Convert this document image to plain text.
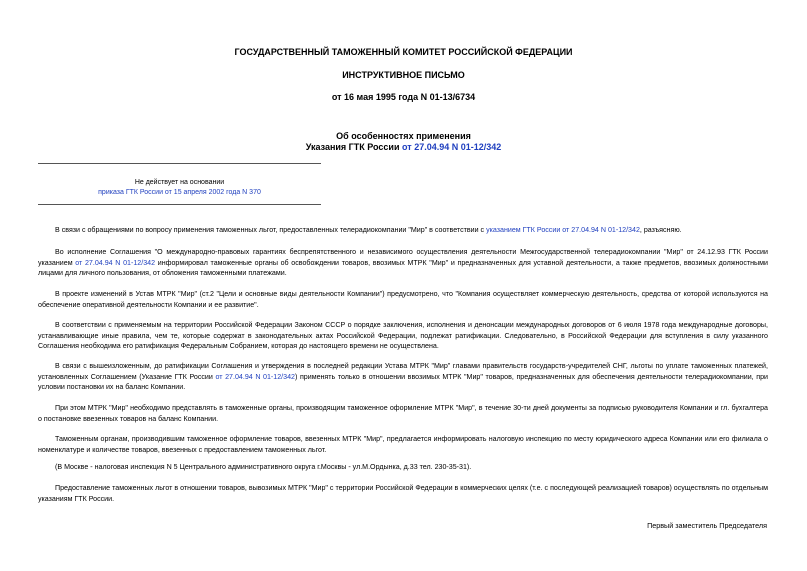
ГОСУДАРСТВЕННЫЙ ТАМОЖЕННЫЙ КОМИТЕТ РОССИЙСКОЙ ФЕДЕРАЦИИ
ИНСТРУКТИВНОЕ ПИСЬМО
от 16 мая 1995 года N 01-13/6734
Об особенностях применения
Указания ГТК России от 27.04.94 N 01-12/342
Не действует на основании
приказа ГТК России от 15 апреля 2002 года N 370
В связи с обращениями по вопросу применения таможенных льгот, предоставленных телерадиокомпании "Мир" в соответствии с указанием ГТК России от 27.04.94 N 01-12/342, разъясняю.
Во исполнение Соглашения "О международно-правовых гарантиях беспрепятственного и независимого осуществления деятельности Межгосударственной телерадиокомпании "Мир" от 24.12.93 ГТК России указанием от 27.04.94 N 01-12/342 информировал таможенные органы об освобождении товаров, ввозимых МТРК "Мир" и предназначенных для уставной деятельности, а также предметов, ввозимых должностными лицами для личного пользования, от обложения таможенными платежами.
В проекте изменений в Устав МТРК "Мир" (ст.2 "Цели и основные виды деятельности Компании") предусмотрено, что "Компания осуществляет коммерческую деятельность, средства от которой используются на обеспечение оперативной деятельности Компании и ее развитие".
В соответствии с применяемым на территории Российской Федерации Законом СССР о порядке заключения, исполнения и денонсации международных договоров от 6 июля 1978 года международные договоры, устанавливающие иные правила, чем те, которые содержат в законодательных актах Российской Федерации, подлежат ратификации. Следовательно, в Российской Федерации для вступления в силу указанного Соглашения необходима его ратификация Федеральным Собранием, которая до настоящего времени не осуществлена.
В связи с вышеизложенным, до ратификации Соглашения и утверждения в последней редакции Устава МТРК "Мир" главами правительств государств-учредителей СНГ, льготы по уплате таможенных платежей, установленных Соглашением (Указание ГТК России от 27.04.94 N 01-12/342) применять только в отношении ввозимых МТРК "Мир" товаров, предназначенных для обеспечения деятельности телерадиокомпании, при условии постановки их на баланс Компании.
При этом МТРК "Мир" необходимо представлять в таможенные органы, производящим таможенное оформление МТРК "Мир", в течение 30-ти дней документы за подписью руководителя Компании и гл. бухгалтера о постановке ввезенных товаров на баланс Компании.
Таможенным органам, производившим таможенное оформление товаров, ввезенных МТРК "Мир", предлагается информировать налоговую инспекцию по месту юридического адреса Компании или его филиала о номенклатуре и количестве товаров, ввезенных с предоставлением таможенных льгот.
(В Москве - налоговая инспекция N 5 Центрального административного округа г.Москвы - ул.М.Ордынка, д.33 тел. 230-35-31).
Предоставление таможенных льгот в отношении товаров, вывозимых МТРК "Мир" с территории Российской Федерации в коммерческих целях (т.е. с последующей реализацией товаров) осуществлять по отдельным указаниям ГТК России.
Первый заместитель Председателя
